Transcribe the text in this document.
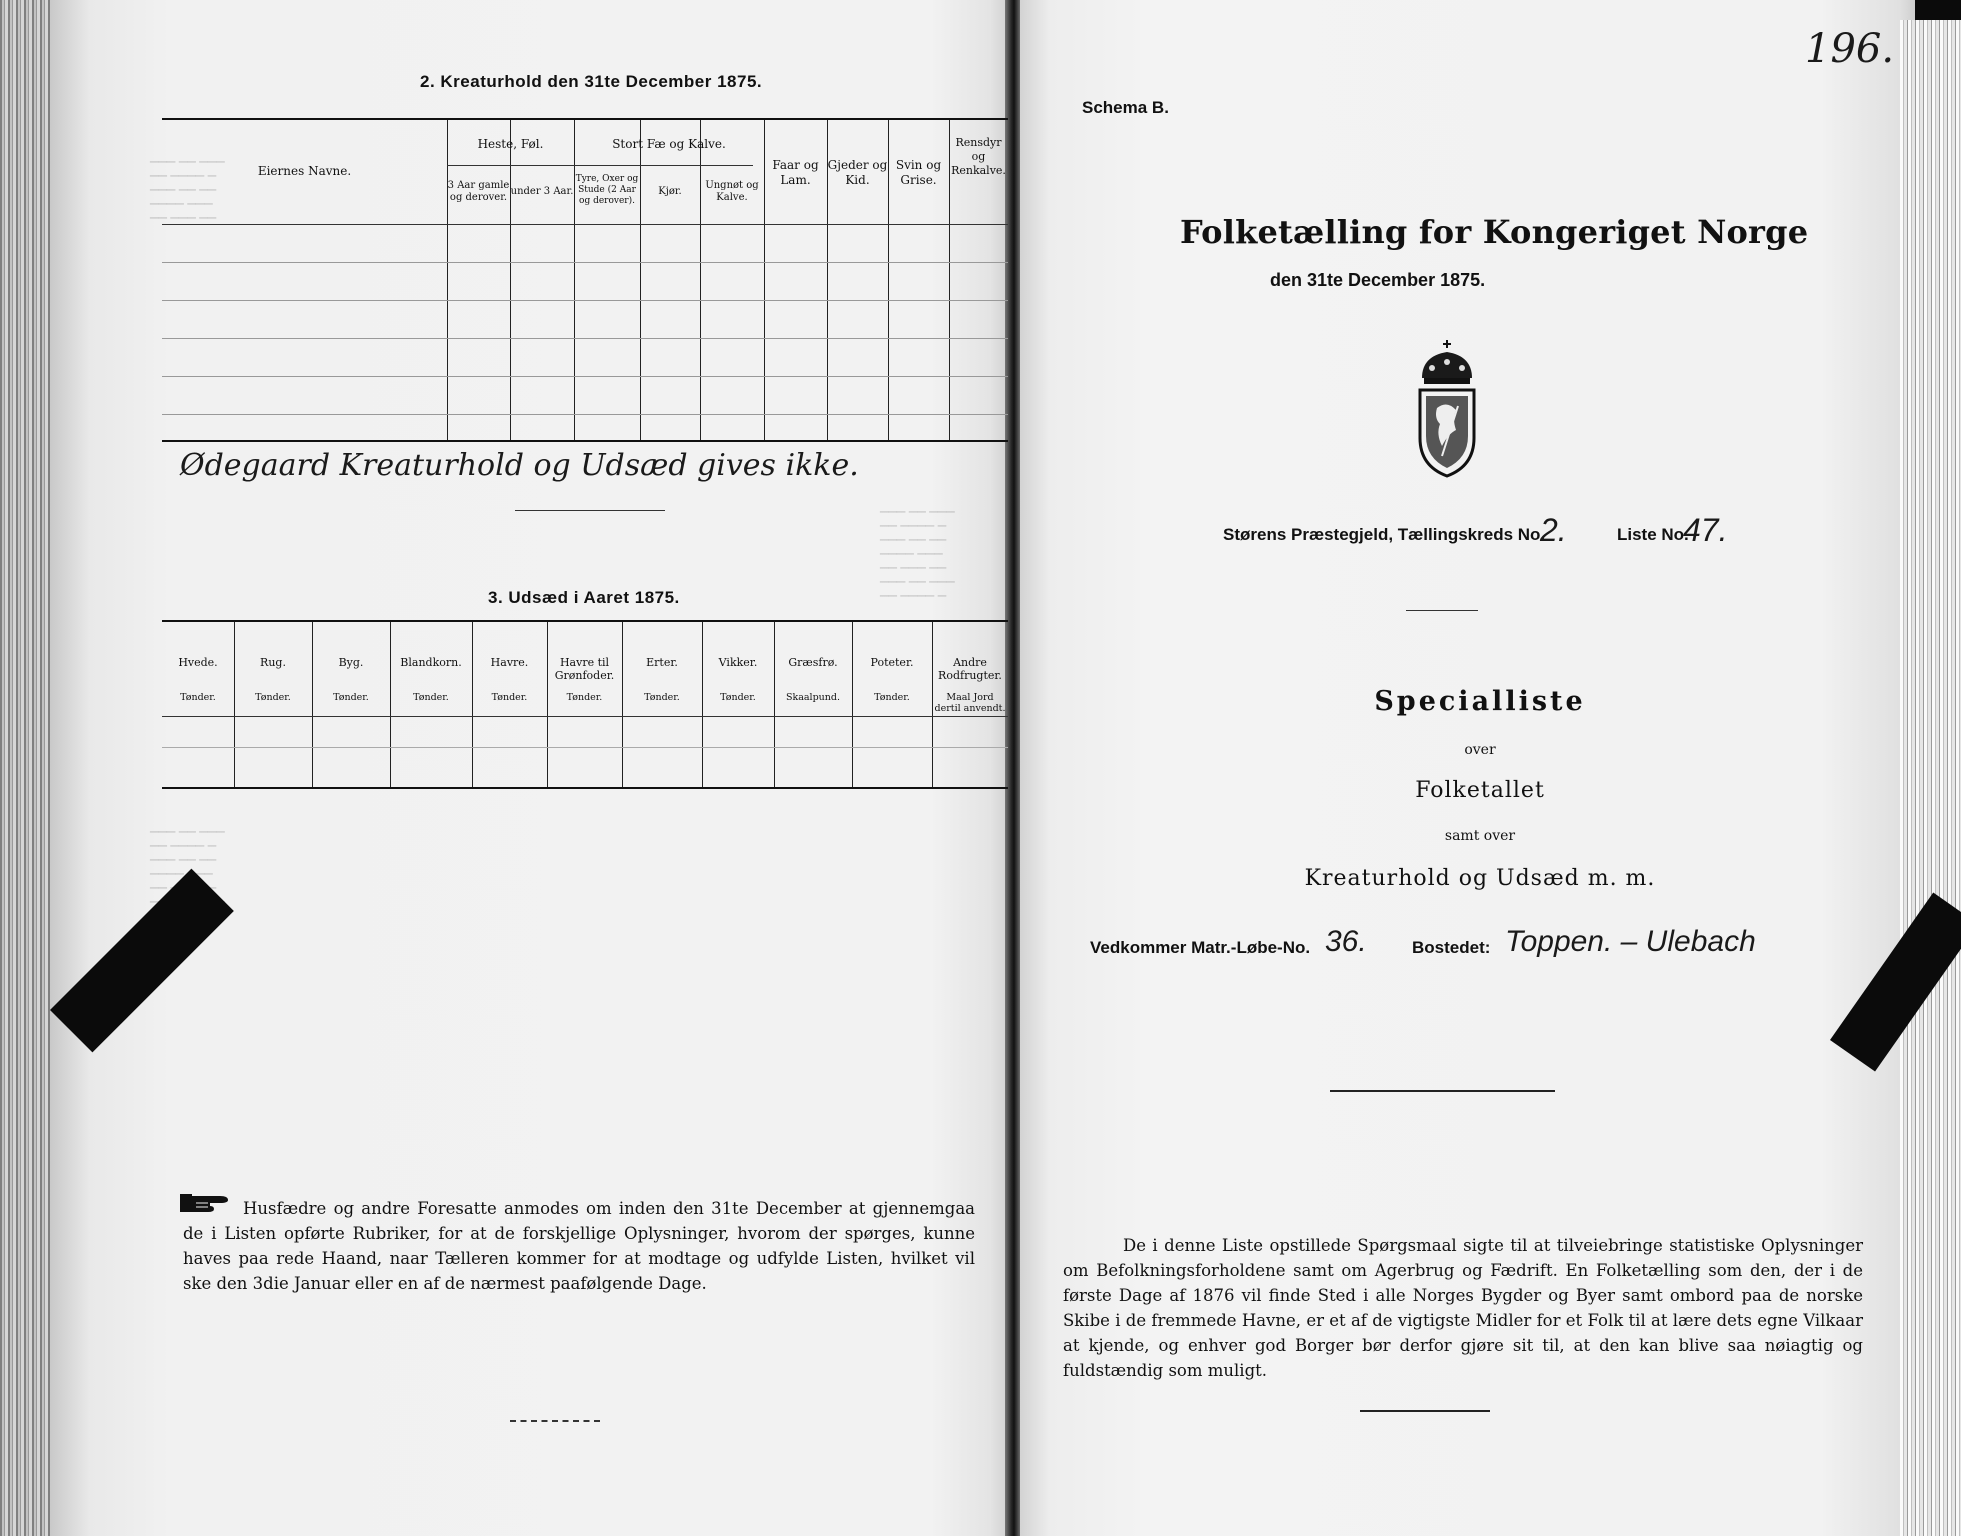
2. Kreaturhold den 31te December 1875.
Eiernes Navne.
Heste, Føl.
3 Aar gamle og derover.
under 3 Aar.
Stort Fæ og Kalve.
Tyre, Oxer og Stude (2 Aar og derover).
Kjør.
Ungnøt og Kalve.
Faar og Lam.
Gjeder og Kid.
Svin og Grise.
Rensdyr og Renkalve.
Ødegaard Kreaturhold og Udsæd gives ikke.
3. Udsæd i Aaret 1875.
Hvede.
Tønder.
Rug.
Tønder.
Byg.
Tønder.
Blandkorn.
Tønder.
Havre.
Tønder.
Havre til Grønfoder.
Tønder.
Erter.
Tønder.
Vikker.
Tønder.
Græsfrø.
Skaalpund.
Poteter.
Tønder.
Andre Rodfrugter.
Maal Jord dertil anvendt.
Husfædre og andre Foresatte anmodes om inden den 31te December at gjennemgaa de i Listen opførte Rubriker, for at de forskjellige Oplysninger, hvorom der spørges, kunne haves paa rede Haand, naar Tælleren kommer for at modtage og udfylde Listen, hvilket vil ske den 3die Januar eller en af de nærmest paafølgende Dage.
Schema B.
196.
Folketælling for Kongeriget Norge
den 31te December 1875.
Størens Præstegjeld, Tællingskreds No.
2.	Liste No.
47.
Specialliste
over
Folketallet
samt over
Kreaturhold og Udsæd m. m.
Vedkommer Matr.-Løbe-No. 36.	Bostedet: Toppen. – Ulebach
De i denne Liste opstillede Spørgsmaal sigte til at tilveiebringe statistiske Oplysninger om Befolkningsforholdene samt om Agerbrug og Fædrift. En Folketælling som den, der i de første Dage af 1876 vil finde Sted i alle Norges Bygder og Byer samt ombord paa de norske Skibe i de fremmede Havne, er et af de vigtigste Midler for et Folk til at lære dets egne Vilkaar at kjende, og enhver god Borger bør derfor gjøre sit til, at den kan blive saa nøiagtig og fuldstændig som muligt.
